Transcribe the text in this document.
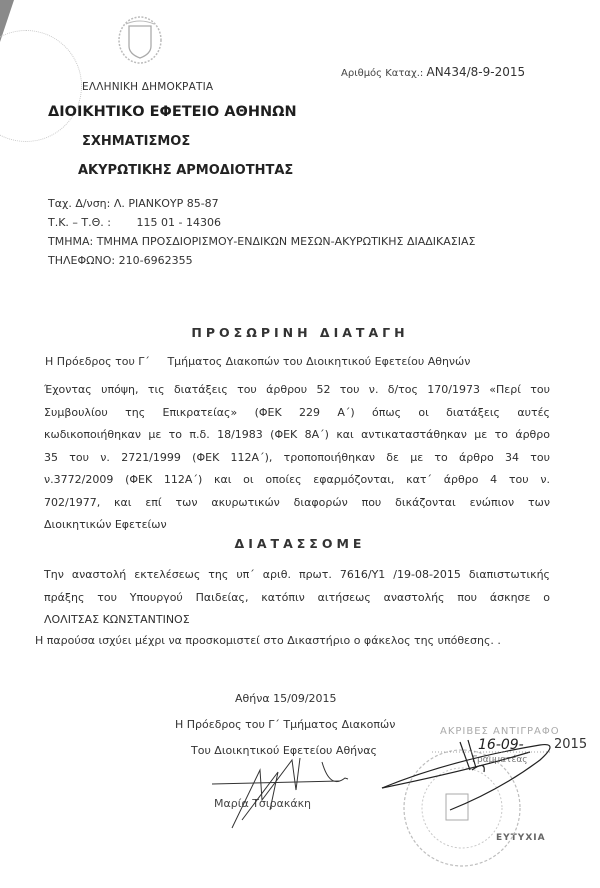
ΕΛΛΗΝΙΚΗ ΔΗΜΟΚΡΑΤΙΑ
ΔΙΟΙΚΗΤΙΚΟ ΕΦΕΤΕΙΟ ΑΘΗΝΩΝ
ΣΧΗΜΑΤΙΣΜΟΣ
ΑΚΥΡΩΤΙΚΗΣ ΑΡΜΟΔΙΟΤΗΤΑΣ
Αριθμός Καταχ.: ΑΝ434/8-9-2015
Ταχ. Δ/νση: Λ. ΡΙΑΝΚΟΥΡ 85-87
Τ.Κ. – Τ.Θ. : 115 01 - 14306
ΤΜΗΜΑ: ΤΜΗΜΑ ΠΡΟΣΔΙΟΡΙΣΜΟΥ-ΕΝΔΙΚΩΝ ΜΕΣΩΝ-ΑΚΥΡΩΤΙΚΗΣ ΔΙΑΔΙΚΑΣΙΑΣ
ΤΗΛΕΦΩΝΟ: 210-6962355
ΠΡΟΣΩΡΙΝΗ ΔΙΑΤΑΓΗ
Η Πρόεδρος του Γ΄ Τμήματος Διακοπών του Διοικητικού Εφετείου Αθηνών
Έχοντας υπόψη, τις διατάξεις του άρθρου 52 του ν. δ/τος 170/1973 «Περί του
Συμβουλίου της Επικρατείας» (ΦΕΚ 229 Α΄) όπως οι διατάξεις αυτές
κωδικοποιήθηκαν με το π.δ. 18/1983 (ΦΕΚ 8Α΄) και αντικαταστάθηκαν με το άρθρο
35 του ν. 2721/1999 (ΦΕΚ 112Α΄), τροποποιήθηκαν δε με το άρθρο 34 του
ν.3772/2009 (ΦΕΚ 112Α΄) και οι οποίες εφαρμόζονται, κατ΄ άρθρο 4 του ν.
702/1977, και επί των ακυρωτικών διαφορών που δικάζονται ενώπιον των
Διοικητικών Εφετείων
ΔΙΑΤΑΣΣΟΜΕ
Την αναστολή εκτελέσεως της υπ΄ αριθ. πρωτ. 7616/Υ1 /19-08-2015 διαπιστωτικής
πράξης του Υπουργού Παιδείας, κατόπιν αιτήσεως αναστολής που άσκησε ο
ΛΟΛΙΤΣΑΣ ΚΩΝΣΤΑΝΤΙΝΟΣ
Η παρούσα ισχύει μέχρι να προσκομιστεί στο Δικαστήριο ο φάκελος της υπόθεσης. .
Αθήνα 15/09/2015
Η Πρόεδρος του Γ΄ Τμήματος Διακοπών
Του Διοικητικού Εφετείου Αθήνας
Μαρία Τσιρακάκη
ΑΚΡΙΒΕΣ ΑΝΤΙΓΡΑΦΟ
Γραμματέας
ΕΥΤΥΧΙΑ
16-09- 2015
